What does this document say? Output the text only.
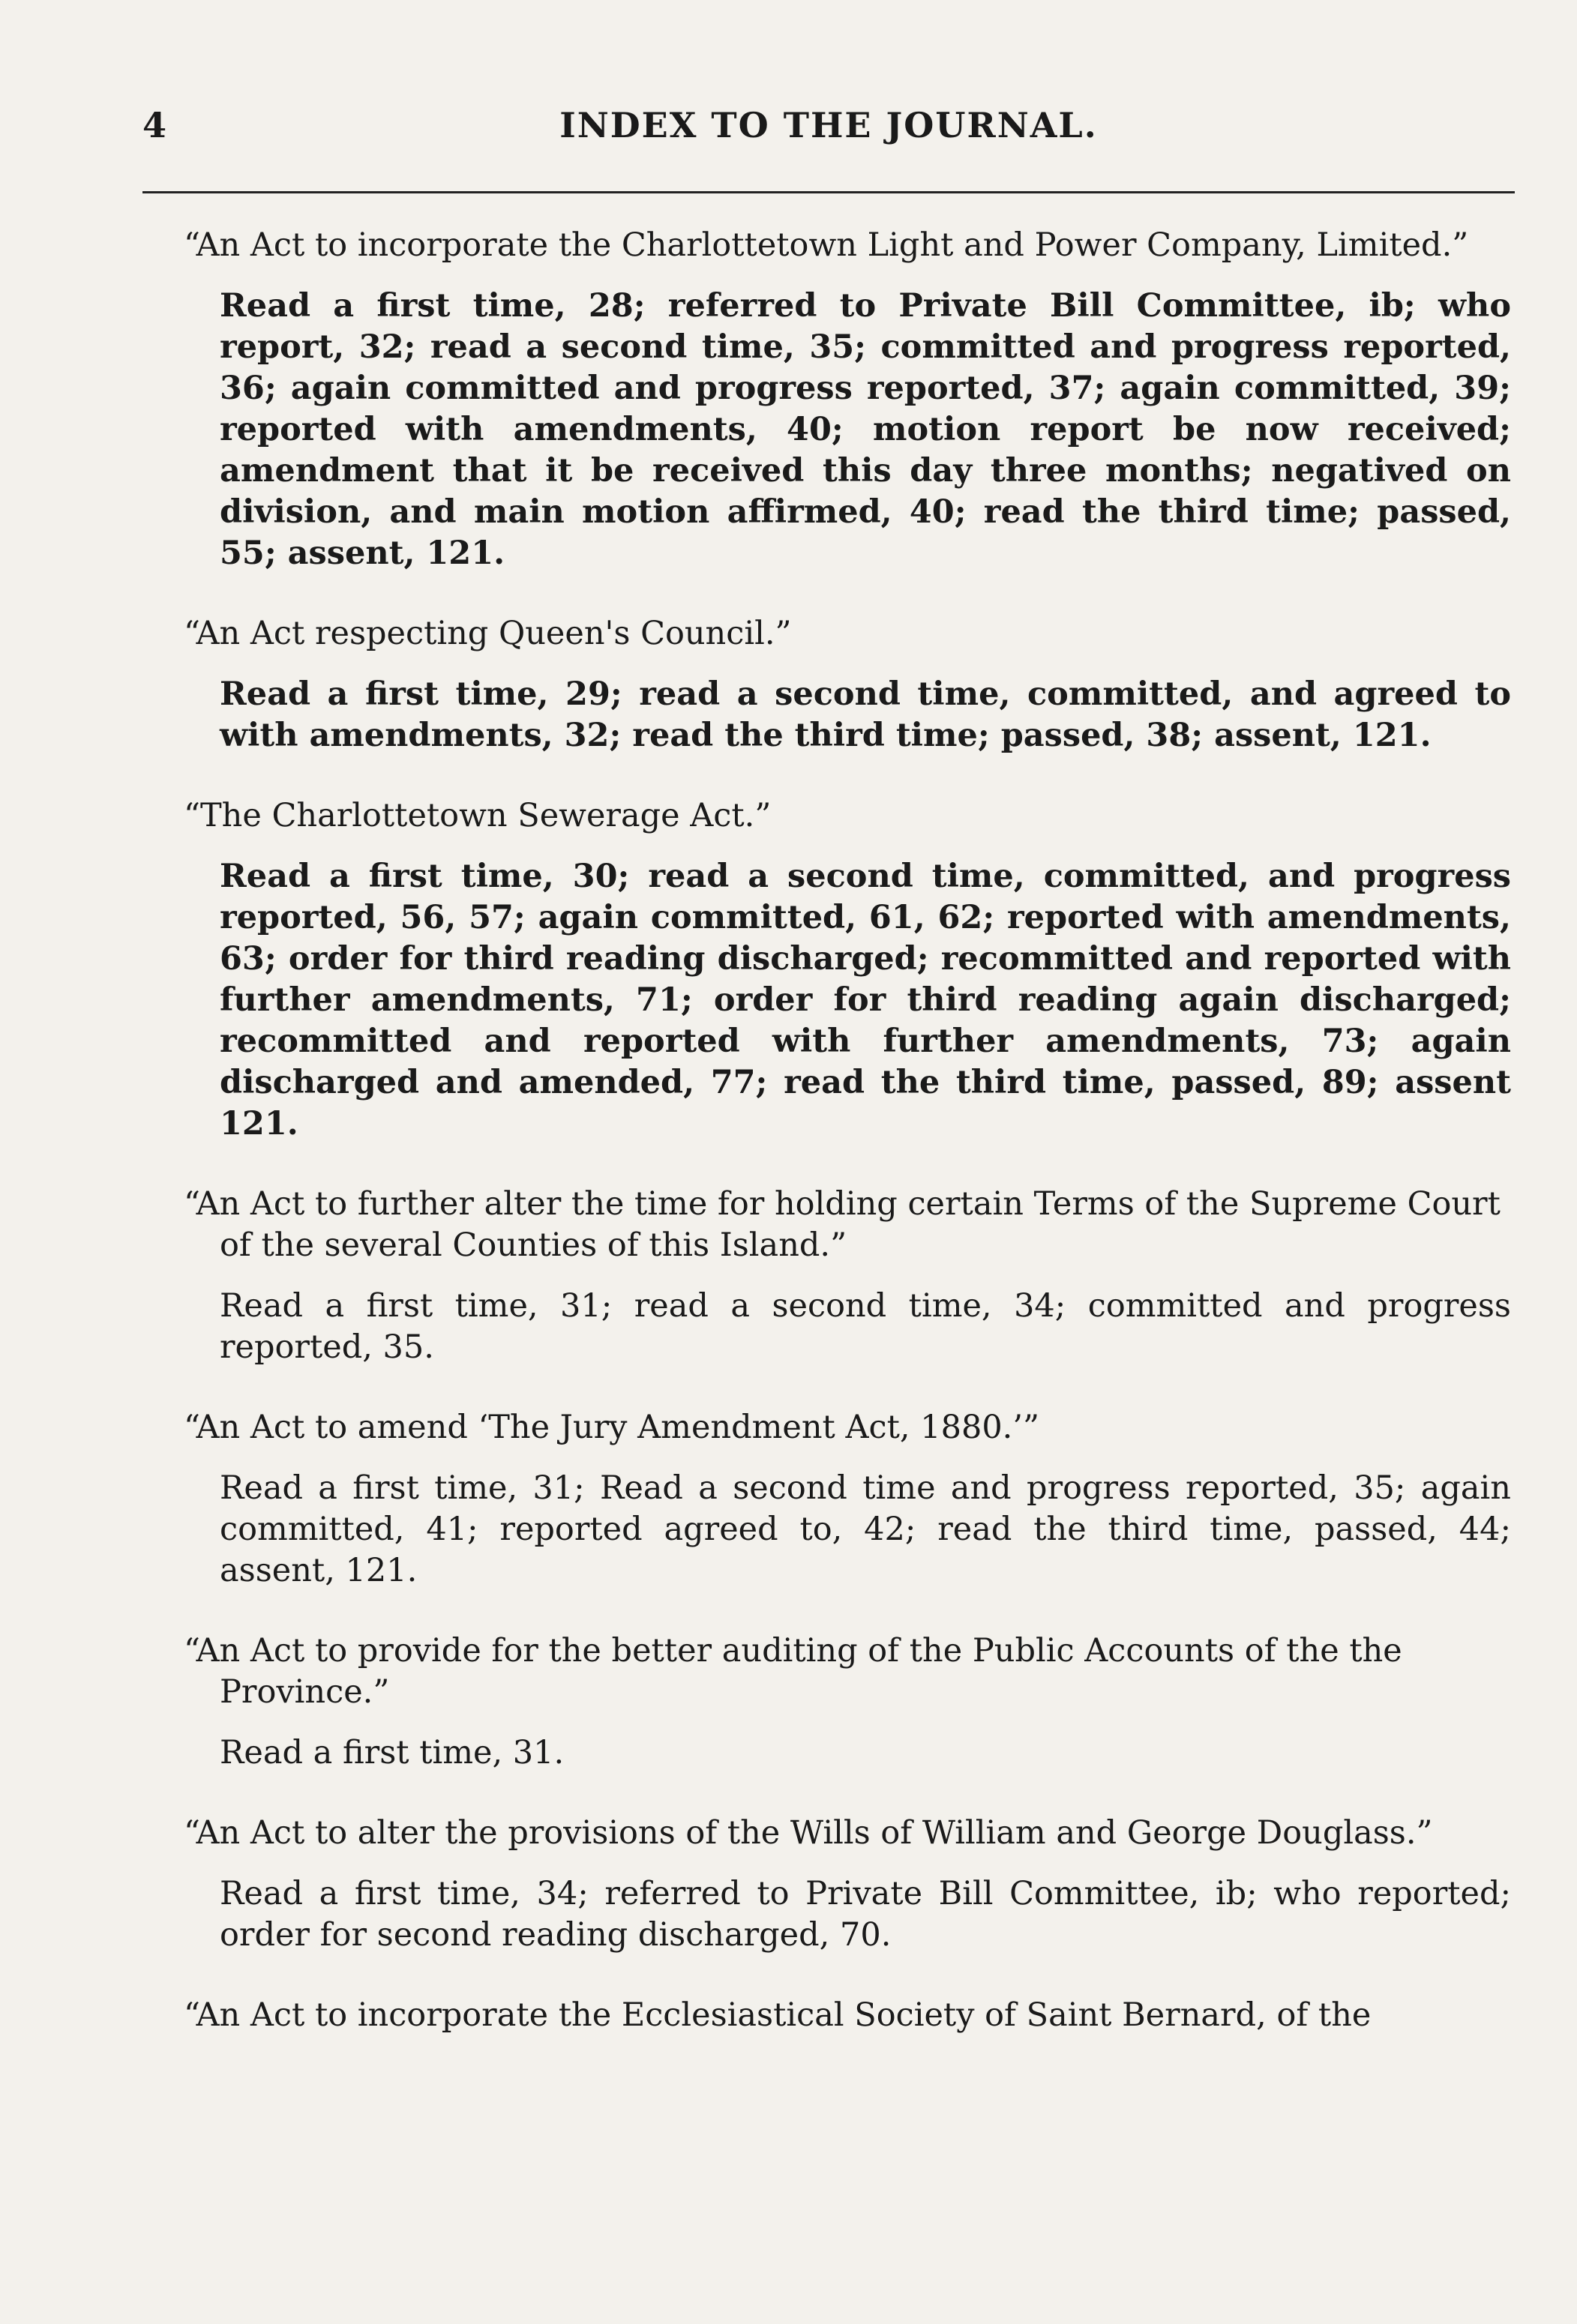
4	INDEX TO THE JOURNAL.
“An Act to incorporate the Charlottetown Light and Power Company, Limited.”
Read a first time, 28; referred to Private Bill Committee, ib; who report, 32; read a second time, 35; committed and progress reported, 36; again committed and progress reported, 37; again committed, 39; reported with amendments, 40; motion report be now received; amendment that it be received this day three months; negatived on division, and main motion affirmed, 40; read the third time; passed, 55; assent, 121.
“An Act respecting Queen's Council.”
Read a first time, 29; read a second time, committed, and agreed to with amendments, 32; read the third time; passed, 38; assent, 121.
“The Charlottetown Sewerage Act.”
Read a first time, 30; read a second time, committed, and progress reported, 56, 57; again committed, 61, 62; reported with amendments, 63; order for third reading discharged; recommitted and reported with further amendments, 71; order for third reading again discharged; recommitted and reported with further amendments, 73; again discharged and amended, 77; read the third time, passed, 89; assent 121.
“An Act to further alter the time for holding certain Terms of the Supreme Court of the several Counties of this Island.”
Read a first time, 31; read a second time, 34; committed and progress reported, 35.
“An Act to amend ‘The Jury Amendment Act, 1880.’”
Read a first time, 31; Read a second time and progress reported, 35; again committed, 41; reported agreed to, 42; read the third time, passed, 44; assent, 121.
“An Act to provide for the better auditing of the Public Accounts of the the Province.”
Read a first time, 31.
“An Act to alter the provisions of the Wills of William and George Douglass.”
Read a first time, 34; referred to Private Bill Committee, ib; who reported; order for second reading discharged, 70.
“An Act to incorporate the Ecclesiastical Society of Saint Bernard, of the
